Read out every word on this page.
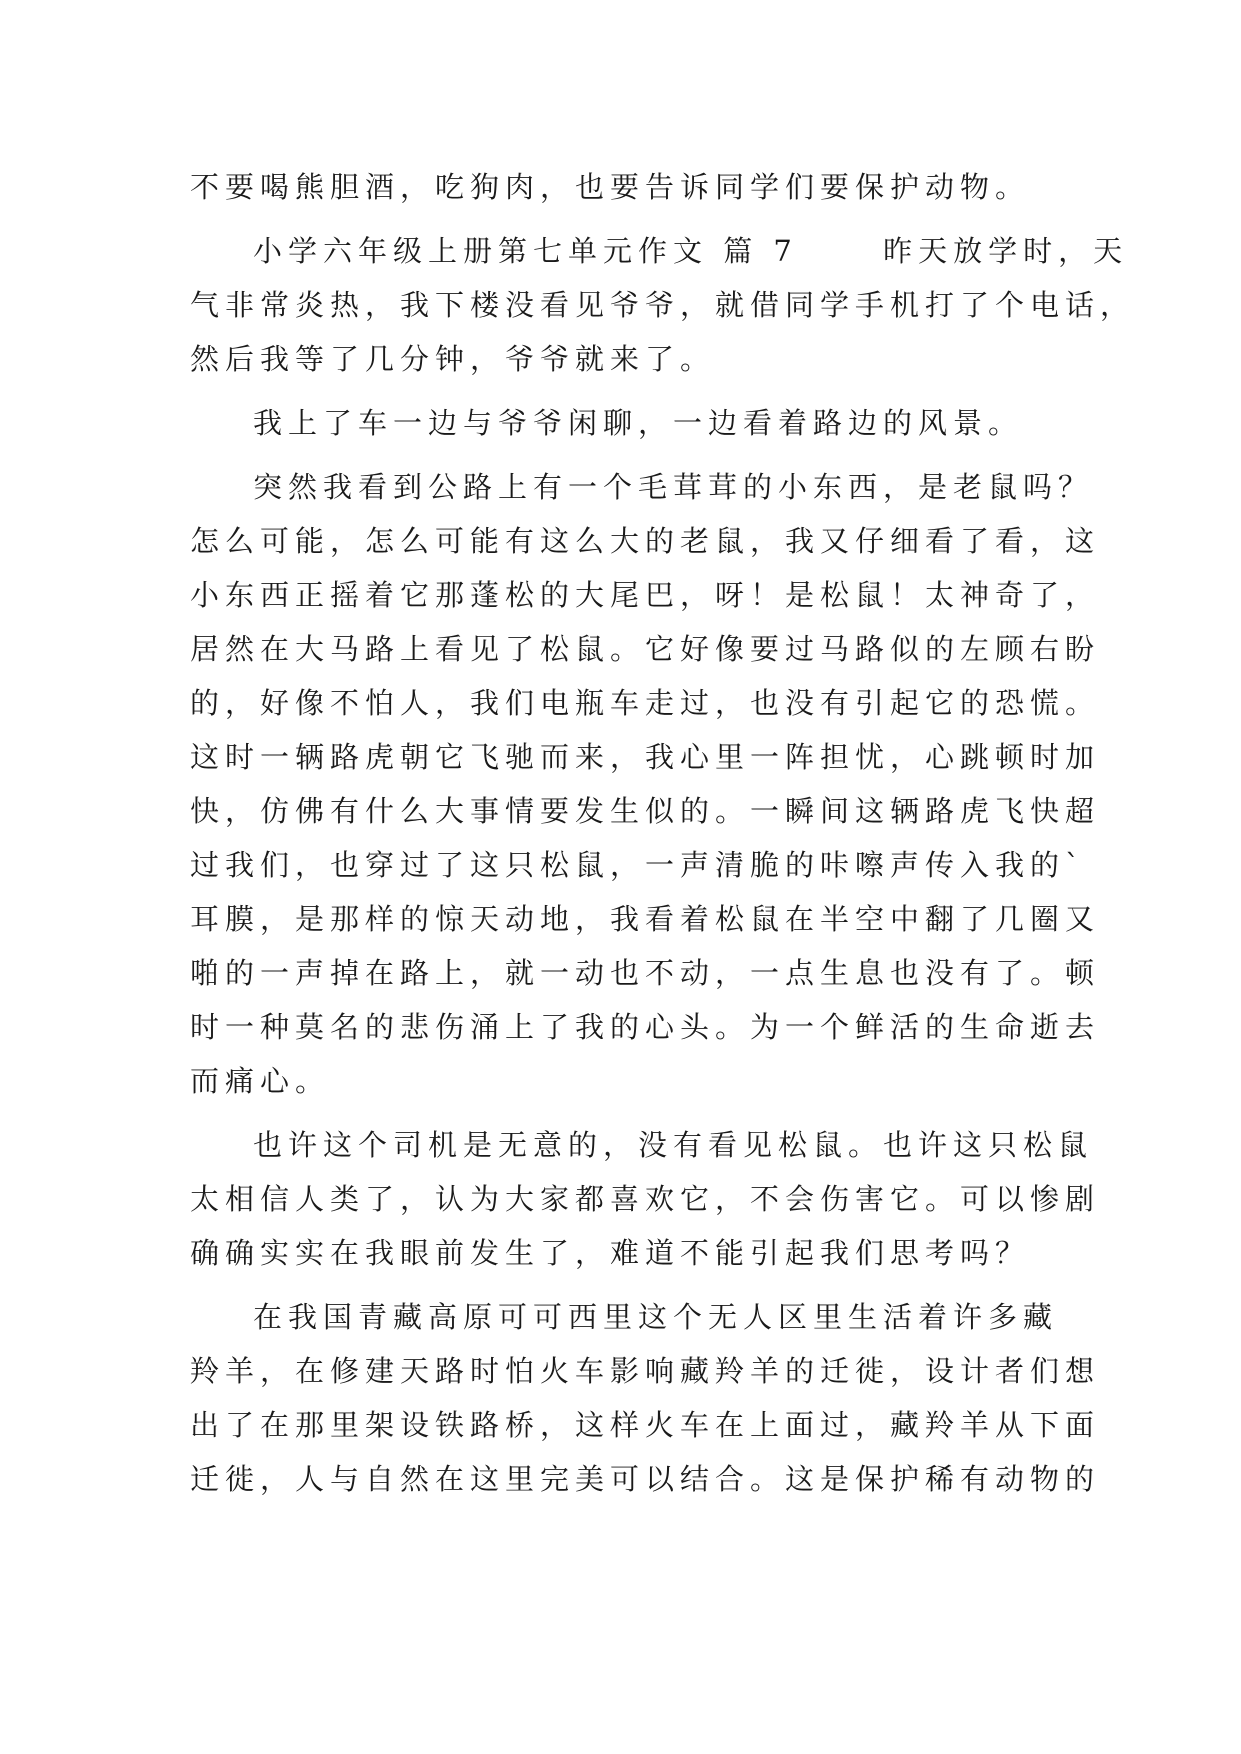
不要喝熊胆酒，吃狗肉，也要告诉同学们要保护动物。
小学六年级上册第七单元作文 篇 7 　　昨天放学时，天
气非常炎热，我下楼没看见爷爷，就借同学手机打了个电话，
然后我等了几分钟，爷爷就来了。
我上了车一边与爷爷闲聊，一边看着路边的风景。
突然我看到公路上有一个毛茸茸的小东西，是老鼠吗？
怎么可能，怎么可能有这么大的老鼠，我又仔细看了看，这
小东西正摇着它那蓬松的大尾巴，呀！是松鼠！太神奇了，
居然在大马路上看见了松鼠。它好像要过马路似的左顾右盼
的，好像不怕人，我们电瓶车走过，也没有引起它的恐慌。
这时一辆路虎朝它飞驰而来，我心里一阵担忧，心跳顿时加
快，仿佛有什么大事情要发生似的。一瞬间这辆路虎飞快超
过我们，也穿过了这只松鼠，一声清脆的咔嚓声传入我的`
耳膜，是那样的惊天动地，我看着松鼠在半空中翻了几圈又
啪的一声掉在路上，就一动也不动，一点生息也没有了。顿
时一种莫名的悲伤涌上了我的心头。为一个鲜活的生命逝去
而痛心。
也许这个司机是无意的，没有看见松鼠。也许这只松鼠
太相信人类了，认为大家都喜欢它，不会伤害它。可以惨剧
确确实实在我眼前发生了，难道不能引起我们思考吗？
在我国青藏高原可可西里这个无人区里生活着许多藏
羚羊，在修建天路时怕火车影响藏羚羊的迁徙，设计者们想
出了在那里架设铁路桥，这样火车在上面过，藏羚羊从下面
迁徙，人与自然在这里完美可以结合。这是保护稀有动物的
